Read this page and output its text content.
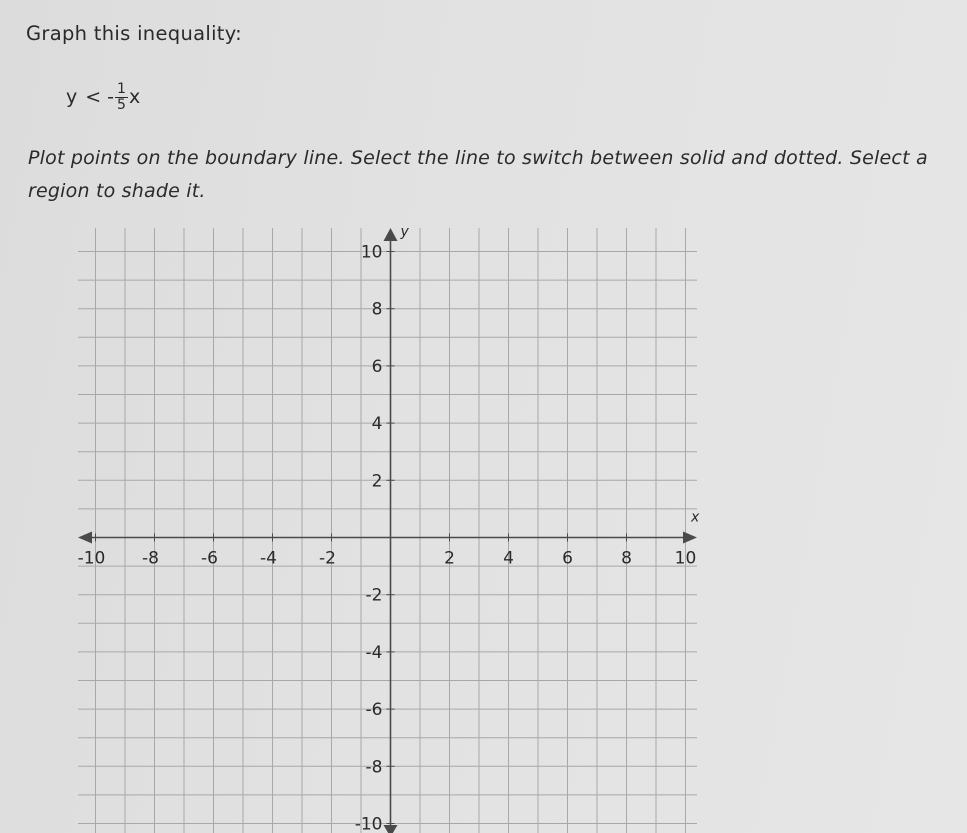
Graph this inequality:
y < - $\frac{1}{5}$ x
Plot points on the boundary line. Select the line to switch between solid and dotted. Select a region to shade it.
y
x
-10 -8 -6 -4 -2	2	4	6	8	10
10
8
6
4
2
-2
-4
-6
-8
-10
